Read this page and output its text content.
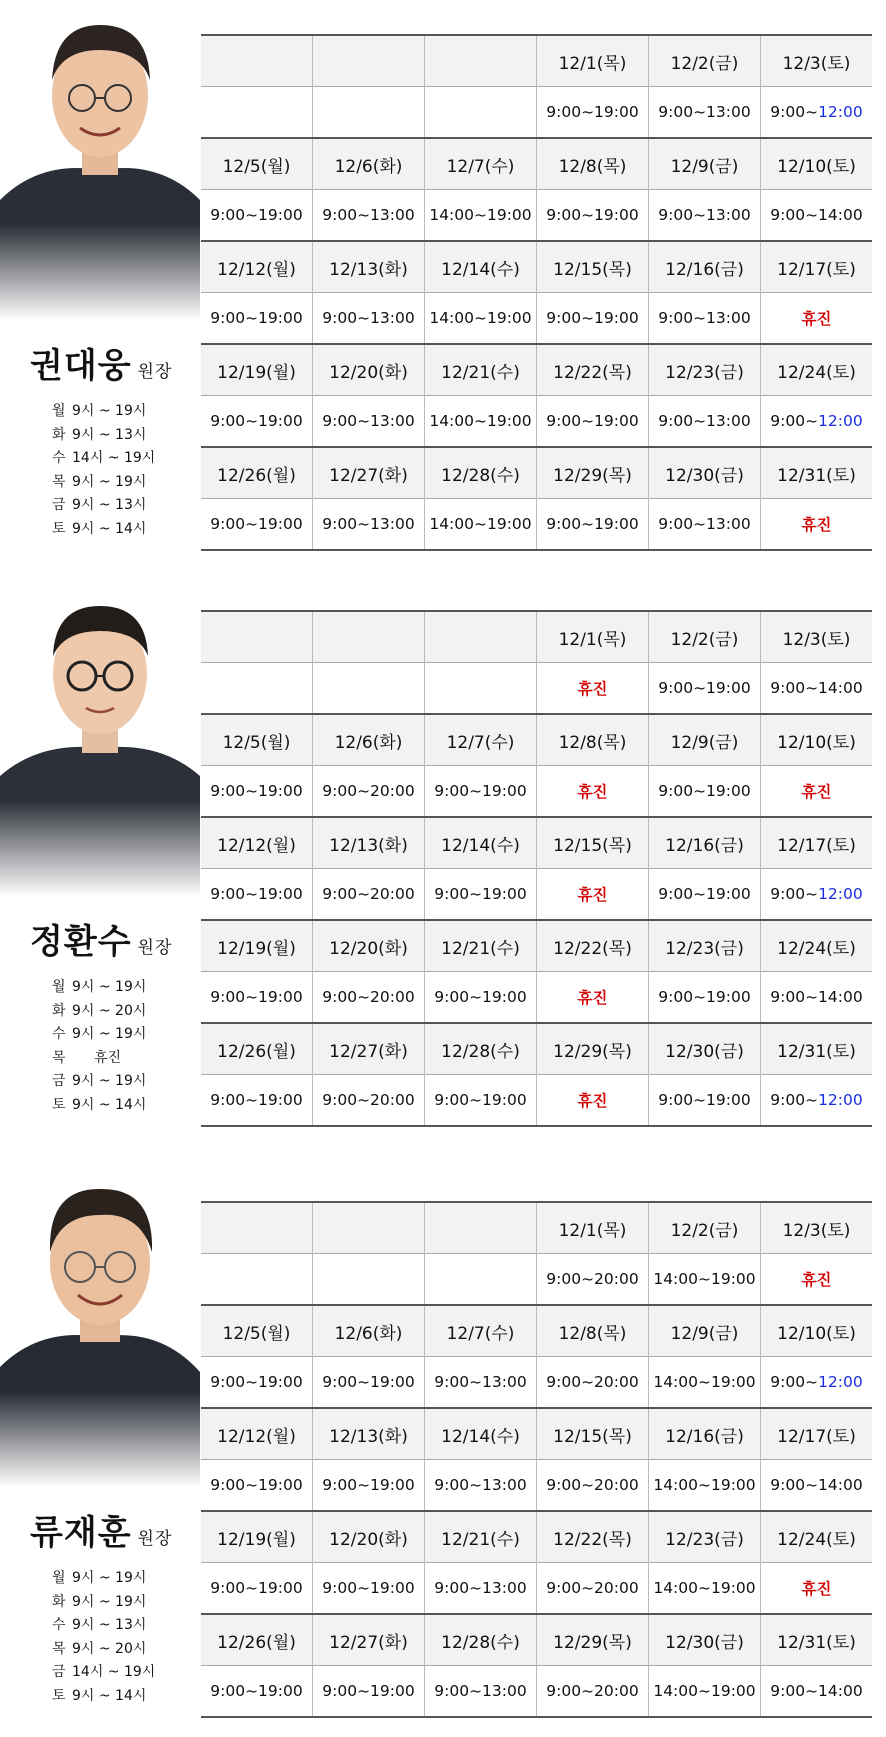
권대웅 원장
월 9시 ~ 19시
화 9시 ~ 13시
수 14시 ~ 19시
목 9시 ~ 19시
금 9시 ~ 13시
토 9시 ~ 14시
			12/1(목)	12/2(금)	12/3(토)
			9:00~19:00	9:00~13:00	9:00~12:00
12/5(월)	12/6(화)	12/7(수)	12/8(목)	12/9(금)	12/10(토)
9:00~19:00	9:00~13:00	14:00~19:00	9:00~19:00	9:00~13:00	9:00~14:00
12/12(월)	12/13(화)	12/14(수)	12/15(목)	12/16(금)	12/17(토)
9:00~19:00	9:00~13:00	14:00~19:00	9:00~19:00	9:00~13:00	휴진
12/19(월)	12/20(화)	12/21(수)	12/22(목)	12/23(금)	12/24(토)
9:00~19:00	9:00~13:00	14:00~19:00	9:00~19:00	9:00~13:00	9:00~12:00
12/26(월)	12/27(화)	12/28(수)	12/29(목)	12/30(금)	12/31(토)
9:00~19:00	9:00~13:00	14:00~19:00	9:00~19:00	9:00~13:00	휴진
정환수 원장
월 9시 ~ 19시
화 9시 ~ 20시
수 9시 ~ 19시
목 휴진
금 9시 ~ 19시
토 9시 ~ 14시
			12/1(목)	12/2(금)	12/3(토)
			휴진	9:00~19:00	9:00~14:00
12/5(월)	12/6(화)	12/7(수)	12/8(목)	12/9(금)	12/10(토)
9:00~19:00	9:00~20:00	9:00~19:00	휴진	9:00~19:00	휴진
12/12(월)	12/13(화)	12/14(수)	12/15(목)	12/16(금)	12/17(토)
9:00~19:00	9:00~20:00	9:00~19:00	휴진	9:00~19:00	9:00~12:00
12/19(월)	12/20(화)	12/21(수)	12/22(목)	12/23(금)	12/24(토)
9:00~19:00	9:00~20:00	9:00~19:00	휴진	9:00~19:00	9:00~14:00
12/26(월)	12/27(화)	12/28(수)	12/29(목)	12/30(금)	12/31(토)
9:00~19:00	9:00~20:00	9:00~19:00	휴진	9:00~19:00	9:00~12:00
류재훈 원장
월 9시 ~ 19시
화 9시 ~ 19시
수 9시 ~ 13시
목 9시 ~ 20시
금 14시 ~ 19시
토 9시 ~ 14시
			12/1(목)	12/2(금)	12/3(토)
			9:00~20:00	14:00~19:00	휴진
12/5(월)	12/6(화)	12/7(수)	12/8(목)	12/9(금)	12/10(토)
9:00~19:00	9:00~19:00	9:00~13:00	9:00~20:00	14:00~19:00	9:00~12:00
12/12(월)	12/13(화)	12/14(수)	12/15(목)	12/16(금)	12/17(토)
9:00~19:00	9:00~19:00	9:00~13:00	9:00~20:00	14:00~19:00	9:00~14:00
12/19(월)	12/20(화)	12/21(수)	12/22(목)	12/23(금)	12/24(토)
9:00~19:00	9:00~19:00	9:00~13:00	9:00~20:00	14:00~19:00	휴진
12/26(월)	12/27(화)	12/28(수)	12/29(목)	12/30(금)	12/31(토)
9:00~19:00	9:00~19:00	9:00~13:00	9:00~20:00	14:00~19:00	9:00~14:00
